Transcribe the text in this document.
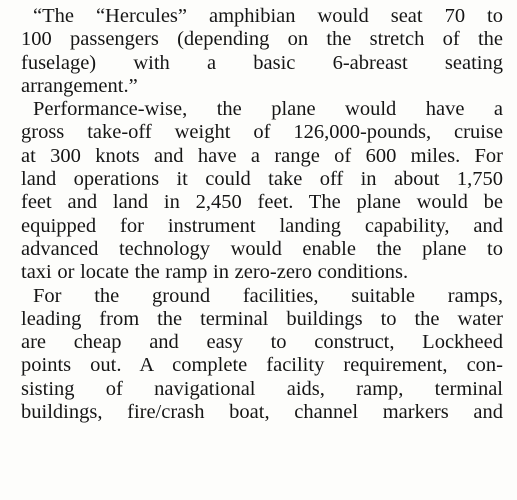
“The “Hercules” amphibian would seat 70 to
100 passengers (depending on the stretch of the
fuselage) with a basic 6-abreast seating
arrangement.”
Performance-wise, the plane would have a
gross take-off weight of 126,000-pounds, cruise
at 300 knots and have a range of 600 miles. For
land operations it could take off in about 1,750
feet and land in 2,450 feet. The plane would be
equipped for instrument landing capability, and
advanced technology would enable the plane to
taxi or locate the ramp in zero-zero conditions.
For the ground facilities, suitable ramps,
leading from the terminal buildings to the water
are cheap and easy to construct, Lockheed
points out. A complete facility requirement, con-
sisting of navigational aids, ramp, terminal
buildings, fire/crash boat, channel markers and
